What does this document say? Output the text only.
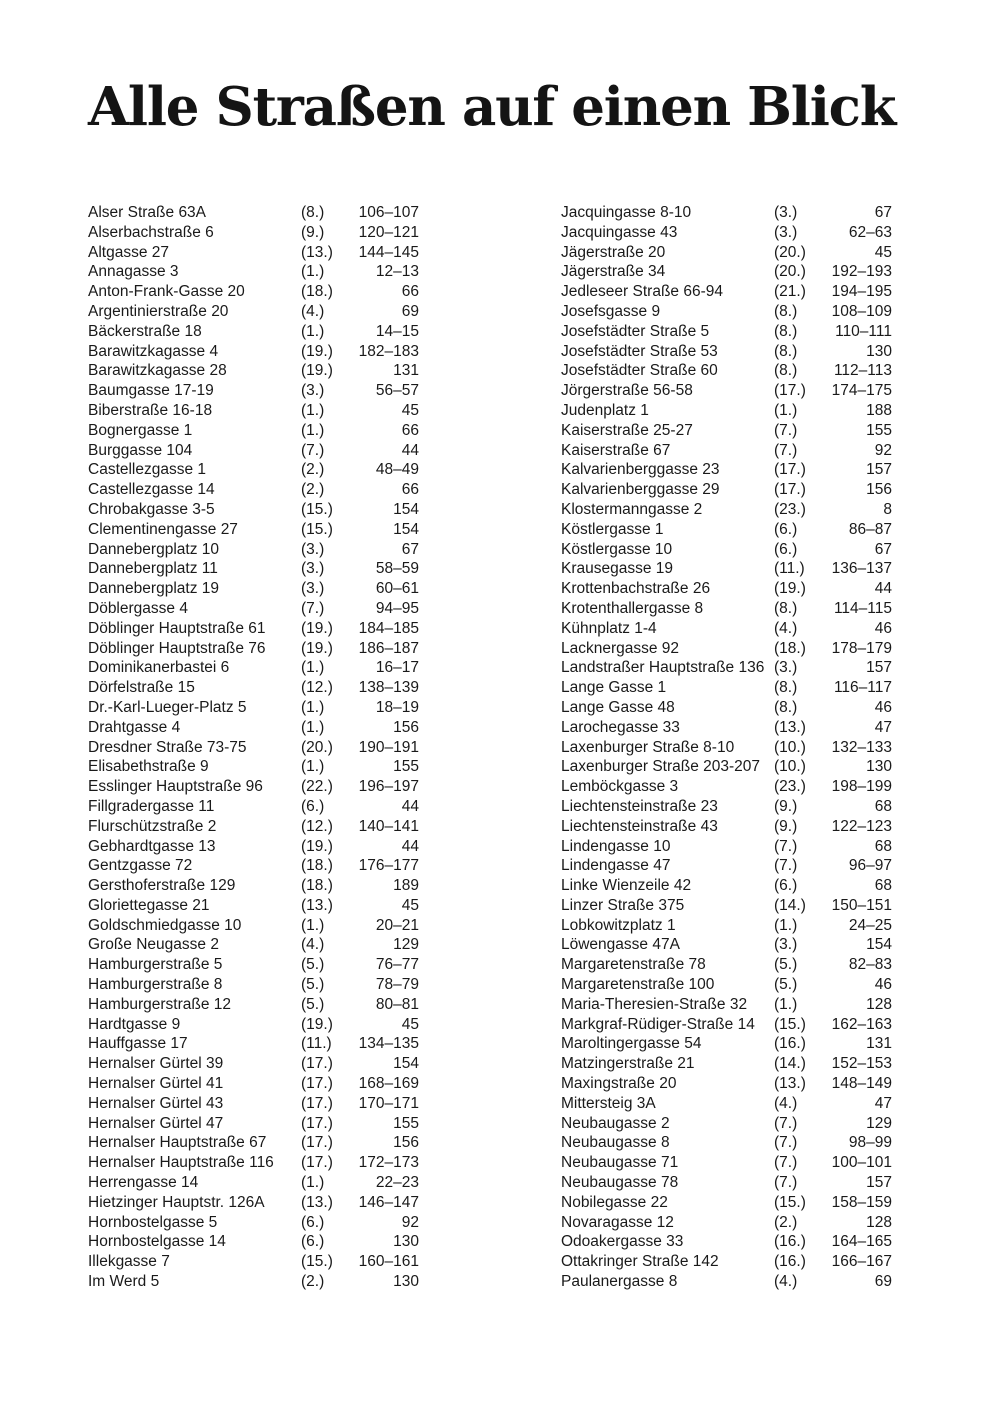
Alle Straßen auf einen Blick
Alser Straße 63A	(8.) 106–107
Alserbachstraße 6	(9.) 120–121
Altgasse 27	(13.) 144–145
Annagasse 3	(1.)	12–13
Anton-Frank-Gasse 20	(18.)	66
Argentinierstraße 20	(4.)	69
Bäckerstraße 18	(1.)	14–15
Barawitzkagasse 4	(19.) 182–183
Barawitzkagasse 28	(19.)	131
Baumgasse 17-19	(3.)	56–57
Biberstraße 16-18	(1.)	45
Bognergasse 1	(1.)	66
Burggasse 104	(7.)	44
Castellezgasse 1	(2.)	48–49
Castellezgasse 14	(2.)	66
Chrobakgasse 3-5	(15.)	154
Clementinengasse 27	(15.)	154
Dannebergplatz 10	(3.)	67
Dannebergplatz 11	(3.)	58–59
Dannebergplatz 19	(3.)	60–61
Döblergasse 4	(7.)	94–95
Döblinger Hauptstraße 61 (19.) 184–185
Döblinger Hauptstraße 76 (19.) 186–187
Dominikanerbastei 6	(1.)	16–17
Dörfelstraße 15	(12.) 138–139
Dr.-Karl-Lueger-Platz 5	(1.)	18–19
Drahtgasse 4	(1.)	156
Dresdner Straße 73-75	(20.) 190–191
Elisabethstraße 9	(1.)	155
Esslinger Hauptstraße 96 (22.) 196–197
Fillgradergasse 11	(6.)	44
Flurschützstraße 2	(12.) 140–141
Gebhardtgasse 13	(19.)	44
Gentzgasse 72	(18.) 176–177
Gersthoferstraße 129	(18.)	189
Gloriettegasse 21	(13.)	45
Goldschmiedgasse 10	(1.)	20–21
Große Neugasse 2	(4.)	129
Hamburgerstraße 5	(5.)	76–77
Hamburgerstraße 8	(5.)	78–79
Hamburgerstraße 12	(5.)	80–81
Hardtgasse 9	(19.)	45
Hauffgasse 17	(11.) 134–135
Hernalser Gürtel 39	(17.)	154
Hernalser Gürtel 41	(17.) 168–169
Hernalser Gürtel 43	(17.) 170–171
Hernalser Gürtel 47	(17.)	155
Hernalser Hauptstraße 67 (17.)	156
Hernalser Hauptstraße 116 (17.) 172–173
Herrengasse 14	(1.)	22–23
Hietzinger Hauptstr. 126A (13.) 146–147
Hornbostelgasse 5	(6.)	92
Hornbostelgasse 14	(6.)	130
Illekgasse 7	(15.) 160–161
Im Werd 5	(2.)	130
Jacquingasse 8-10	(3.)	67
Jacquingasse 43	(3.)	62–63
Jägerstraße 20	(20.)	45
Jägerstraße 34	(20.) 192–193
Jedleseer Straße 66-94	(21.) 194–195
Josefsgasse 9	(8.) 108–109
Josefstädter Straße 5	(8.) 110–111
Josefstädter Straße 53	(8.)	130
Josefstädter Straße 60	(8.) 112–113
Jörgerstraße 56-58	(17.) 174–175
Judenplatz 1	(1.)	188
Kaiserstraße 25-27	(7.)	155
Kaiserstraße 67	(7.)	92
Kalvarienberggasse 23	(17.)	157
Kalvarienberggasse 29	(17.)	156
Klostermanngasse 2	(23.)	8
Köstlergasse 1	(6.)	86–87
Köstlergasse 10	(6.)	67
Krausegasse 19	(11.) 136–137
Krottenbachstraße 26	(19.)	44
Krotenthallergasse 8	(8.) 114–115
Kühnplatz 1-4	(4.)	46
Lacknergasse 92	(18.) 178–179
Landstraßer Hauptstraße 136 (3.)	157
Lange Gasse 1	(8.) 116–117
Lange Gasse 48	(8.)	46
Larochegasse 33	(13.)	47
Laxenburger Straße 8-10	(10.) 132–133
Laxenburger Straße 203-207 (10.)	130
Lemböckgasse 3	(23.) 198–199
Liechtensteinstraße 23	(9.)	68
Liechtensteinstraße 43	(9.) 122–123
Lindengasse 10	(7.)	68
Lindengasse 47	(7.)	96–97
Linke Wienzeile 42	(6.)	68
Linzer Straße 375	(14.) 150–151
Lobkowitzplatz 1	(1.)	24–25
Löwengasse 47A	(3.)	154
Margaretenstraße 78	(5.)	82–83
Margaretenstraße 100	(5.)	46
Maria-Theresien-Straße 32 (1.)	128
Markgraf-Rüdiger-Straße 14 (15.) 162–163
Maroltingergasse 54	(16.)	131
Matzingerstraße 21	(14.) 152–153
Maxingstraße 20	(13.) 148–149
Mittersteig 3A	(4.)	47
Neubaugasse 2	(7.)	129
Neubaugasse 8	(7.)	98–99
Neubaugasse 71	(7.) 100–101
Neubaugasse 78	(7.)	157
Nobilegasse 22	(15.) 158–159
Novaragasse 12	(2.)	128
Odoakergasse 33	(16.) 164–165
Ottakringer Straße 142	(16.) 166–167
Paulanergasse 8	(4.)	69
